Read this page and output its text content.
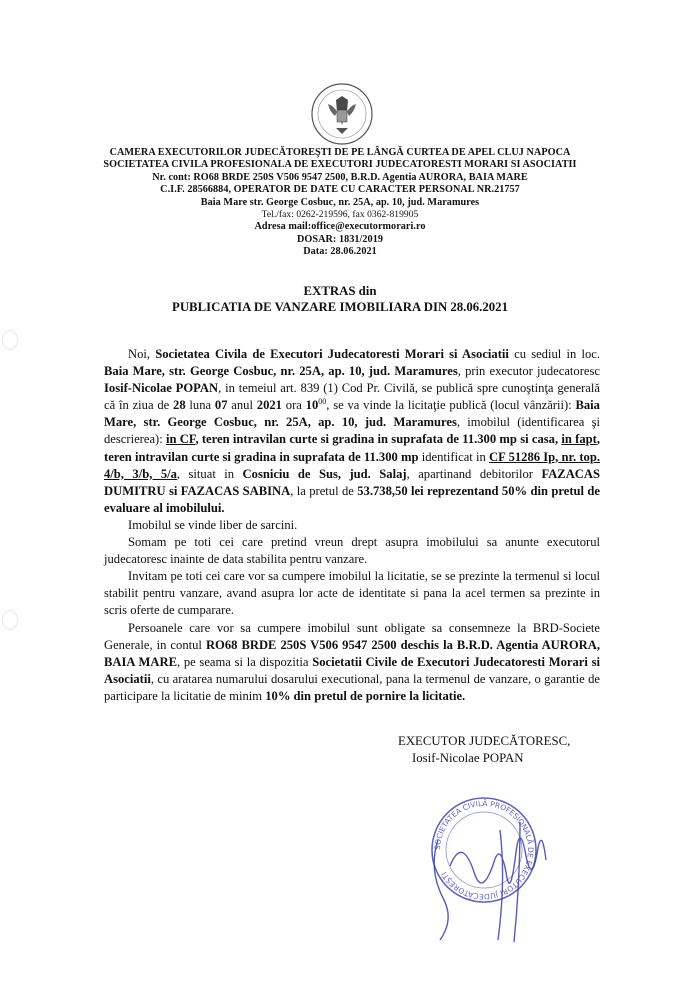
CAMERA EXECUTORILOR JUDECĂTOREŞTI DE PE LÂNGĂ CURTEA DE APEL CLUJ NAPOCA
SOCIETATEA CIVILA PROFESIONALA DE EXECUTORI JUDECATORESTI MORARI SI ASOCIATII
Nr. cont: RO68 BRDE 250S V506 9547 2500, B.R.D. Agentia AURORA, BAIA MARE
C.I.F. 28566884, OPERATOR DE DATE CU CARACTER PERSONAL NR.21757
Baia Mare str. George Cosbuc, nr. 25A, ap. 10, jud. Maramures
Tel./fax: 0262-219596, fax 0362-819905
Adresa mail:office@executormorari.ro
DOSAR: 1831/2019
Data: 28.06.2021
EXTRAS din
PUBLICATIA DE VANZARE IMOBILIARA DIN 28.06.2021

Noi, Societatea Civila de Executori Judecatoresti Morari si Asociatii cu sediul in loc. Baia Mare, str. George Cosbuc, nr. 25A, ap. 10, jud. Maramures, prin executor judecatoresc Iosif-Nicolae POPAN, in temeiul art. 839 (1) Cod Pr. Civilă, se publică spre cunoştinţa generală că în ziua de 28 luna 07 anul 2021 ora $10^{00}$, se va vinde la licitaţie publică (locul vânzării): Baia Mare, str. George Cosbuc, nr. 25A, ap. 10, jud. Maramures, imobilul (identificarea şi descrierea): in CF, teren intravilan curte si gradina in suprafata de 11.300 mp si casa, in fapt, teren intravilan curte si gradina in suprafata de 11.300 mp identificat in CF 51286 Ip, nr. top. 4/b, 3/b, 5/a, situat in Cosniciu de Sus, jud. Salaj, apartinand debitorilor FAZACAS DUMITRU si FAZACAS SABINA, la pretul de 53.738,50 lei reprezentand 50% din pretul de evaluare al imobilului.

Imobilul se vinde liber de sarcini.

Somam pe toti cei care pretind vreun drept asupra imobilului sa anunte executorul judecatoresc inainte de data stabilita pentru vanzare.

Invitam pe toti cei care vor sa cumpere imobilul la licitatie, se se prezinte la termenul si locul stabilit pentru vanzare, avand asupra lor acte de identitate si pana la acel termen sa prezinte in scris oferte de cumparare.

Persoanele care vor sa cumpere imobilul sunt obligate sa consemneze la BRD-Societe Generale, in contul RO68 BRDE 250S V506 9547 2500 deschis la B.R.D. Agentia AURORA, BAIA MARE, pe seama si la dispozitia Societatii Civile de Executori Judecatoresti Morari si Asociatii, cu aratarea numarului dosarului executional, pana la termenul de vanzare, o garantie de participare la licitatie de minim 10% din pretul de pornire la licitatie.

EXECUTOR JUDECĂTORESC,
Iosif-Nicolae POPAN
SOCIETATEA CIVILĂ PROFESIONALĂ DE EXECUTORI JUDECĂTOREȘTI
